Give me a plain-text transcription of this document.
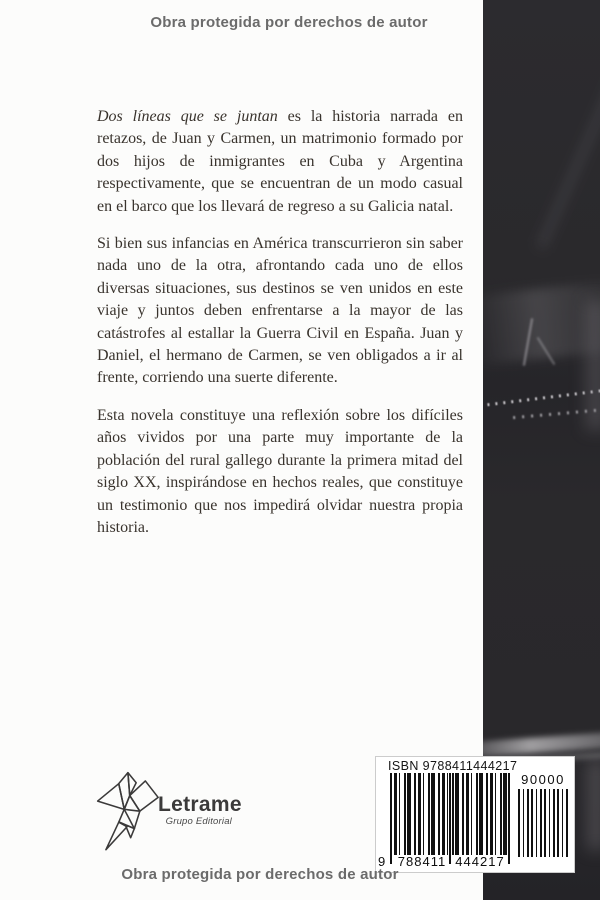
Obra protegida por derechos de autor

Dos líneas que se juntan es la historia narrada en retazos, de Juan y Carmen, un matrimonio formado por dos hijos de inmigrantes en Cuba y Argentina respectivamente, que se encuentran de un modo casual en el barco que los llevará de regreso a su Galicia natal.

Si bien sus infancias en América transcurrieron sin saber nada uno de la otra, afrontando cada uno de ellos diversas situaciones, sus destinos se ven unidos en este viaje y juntos deben enfrentarse a la mayor de las catástrofes al estallar la Guerra Civil en España. Juan y Daniel, el hermano de Carmen, se ven obligados a ir al frente, corriendo una suerte diferente.

Esta novela constituye una reflexión sobre los difíciles años vividos por una parte muy importante de la población del rural gallego durante la primera mitad del siglo XX, inspirándose en hechos reales, que constituye un testimonio que nos impedirá olvidar nuestra propia historia.

Letrame
Grupo Editorial
ISBN 9788411444217
9 788411 444217
90000
Obra protegida por derechos de autor
